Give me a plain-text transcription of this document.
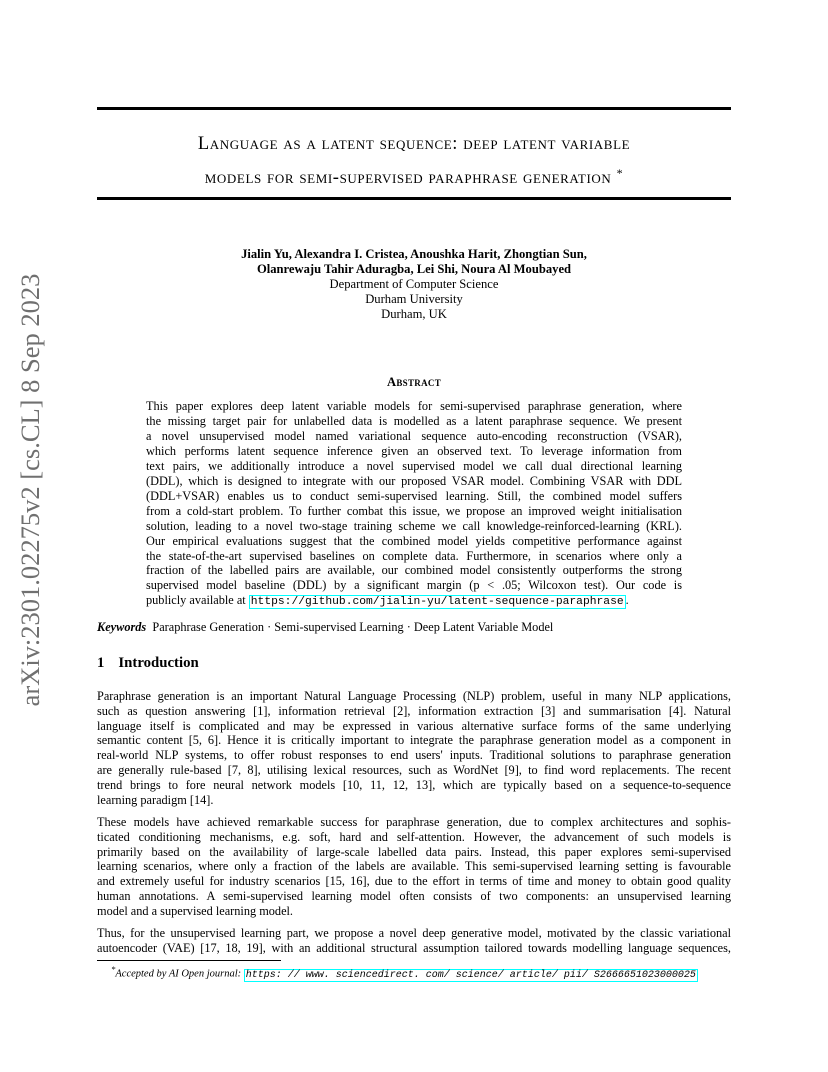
Language as a latent sequence: deep latent variable
models for semi-supervised paraphrase generation *
arXiv:2301.02275v2 [cs.CL] 8 Sep 2023
Jialin Yu, Alexandra I. Cristea, Anoushka Harit, Zhongtian Sun,
Olanrewaju Tahir Aduragba, Lei Shi, Noura Al Moubayed
Department of Computer Science
Durham University
Durham, UK
Abstract
This paper explores deep latent variable models for semi-supervised paraphrase generation, where
the missing target pair for unlabelled data is modelled as a latent paraphrase sequence. We present
a novel unsupervised model named variational sequence auto-encoding reconstruction (VSAR),
which performs latent sequence inference given an observed text. To leverage information from
text pairs, we additionally introduce a novel supervised model we call dual directional learning
(DDL), which is designed to integrate with our proposed VSAR model. Combining VSAR with DDL
(DDL+VSAR) enables us to conduct semi-supervised learning. Still, the combined model suffers
from a cold-start problem. To further combat this issue, we propose an improved weight initialisation
solution, leading to a novel two-stage training scheme we call knowledge-reinforced-learning (KRL).
Our empirical evaluations suggest that the combined model yields competitive performance against
the state-of-the-art supervised baselines on complete data. Furthermore, in scenarios where only a
fraction of the labelled pairs are available, our combined model consistently outperforms the strong
supervised model baseline (DDL) by a significant margin (p < .05; Wilcoxon test). Our code is
publicly available at https://github.com/jialin-yu/latent-sequence-paraphrase .
Keywords Paraphrase Generation · Semi-supervised Learning · Deep Latent Variable Model
1 Introduction
Paraphrase generation is an important Natural Language Processing (NLP) problem, useful in many NLP applications,
such as question answering [1], information retrieval [2], information extraction [3] and summarisation [4]. Natural
language itself is complicated and may be expressed in various alternative surface forms of the same underlying
semantic content [5, 6]. Hence it is critically important to integrate the paraphrase generation model as a component in
real-world NLP systems, to offer robust responses to end users' inputs. Traditional solutions to paraphrase generation
are generally rule-based [7, 8], utilising lexical resources, such as WordNet [9], to find word replacements. The recent
trend brings to fore neural network models [10, 11, 12, 13], which are typically based on a sequence-to-sequence
learning paradigm [14].
These models have achieved remarkable success for paraphrase generation, due to complex architectures and sophis-
ticated conditioning mechanisms, e.g. soft, hard and self-attention. However, the advancement of such models is
primarily based on the availability of large-scale labelled data pairs. Instead, this paper explores semi-supervised
learning scenarios, where only a fraction of the labels are available. This semi-supervised learning setting is favourable
and extremely useful for industry scenarios [15, 16], due to the effort in terms of time and money to obtain good quality
human annotations. A semi-supervised learning model often consists of two components: an unsupervised learning
model and a supervised learning model.
Thus, for the unsupervised learning part, we propose a novel deep generative model, motivated by the classic variational
autoencoder (VAE) [17, 18, 19], with an additional structural assumption tailored towards modelling language sequences,
*Accepted by AI Open journal: https: // www. sciencedirect. com/ science/ article/ pii/ S2666651023000025
